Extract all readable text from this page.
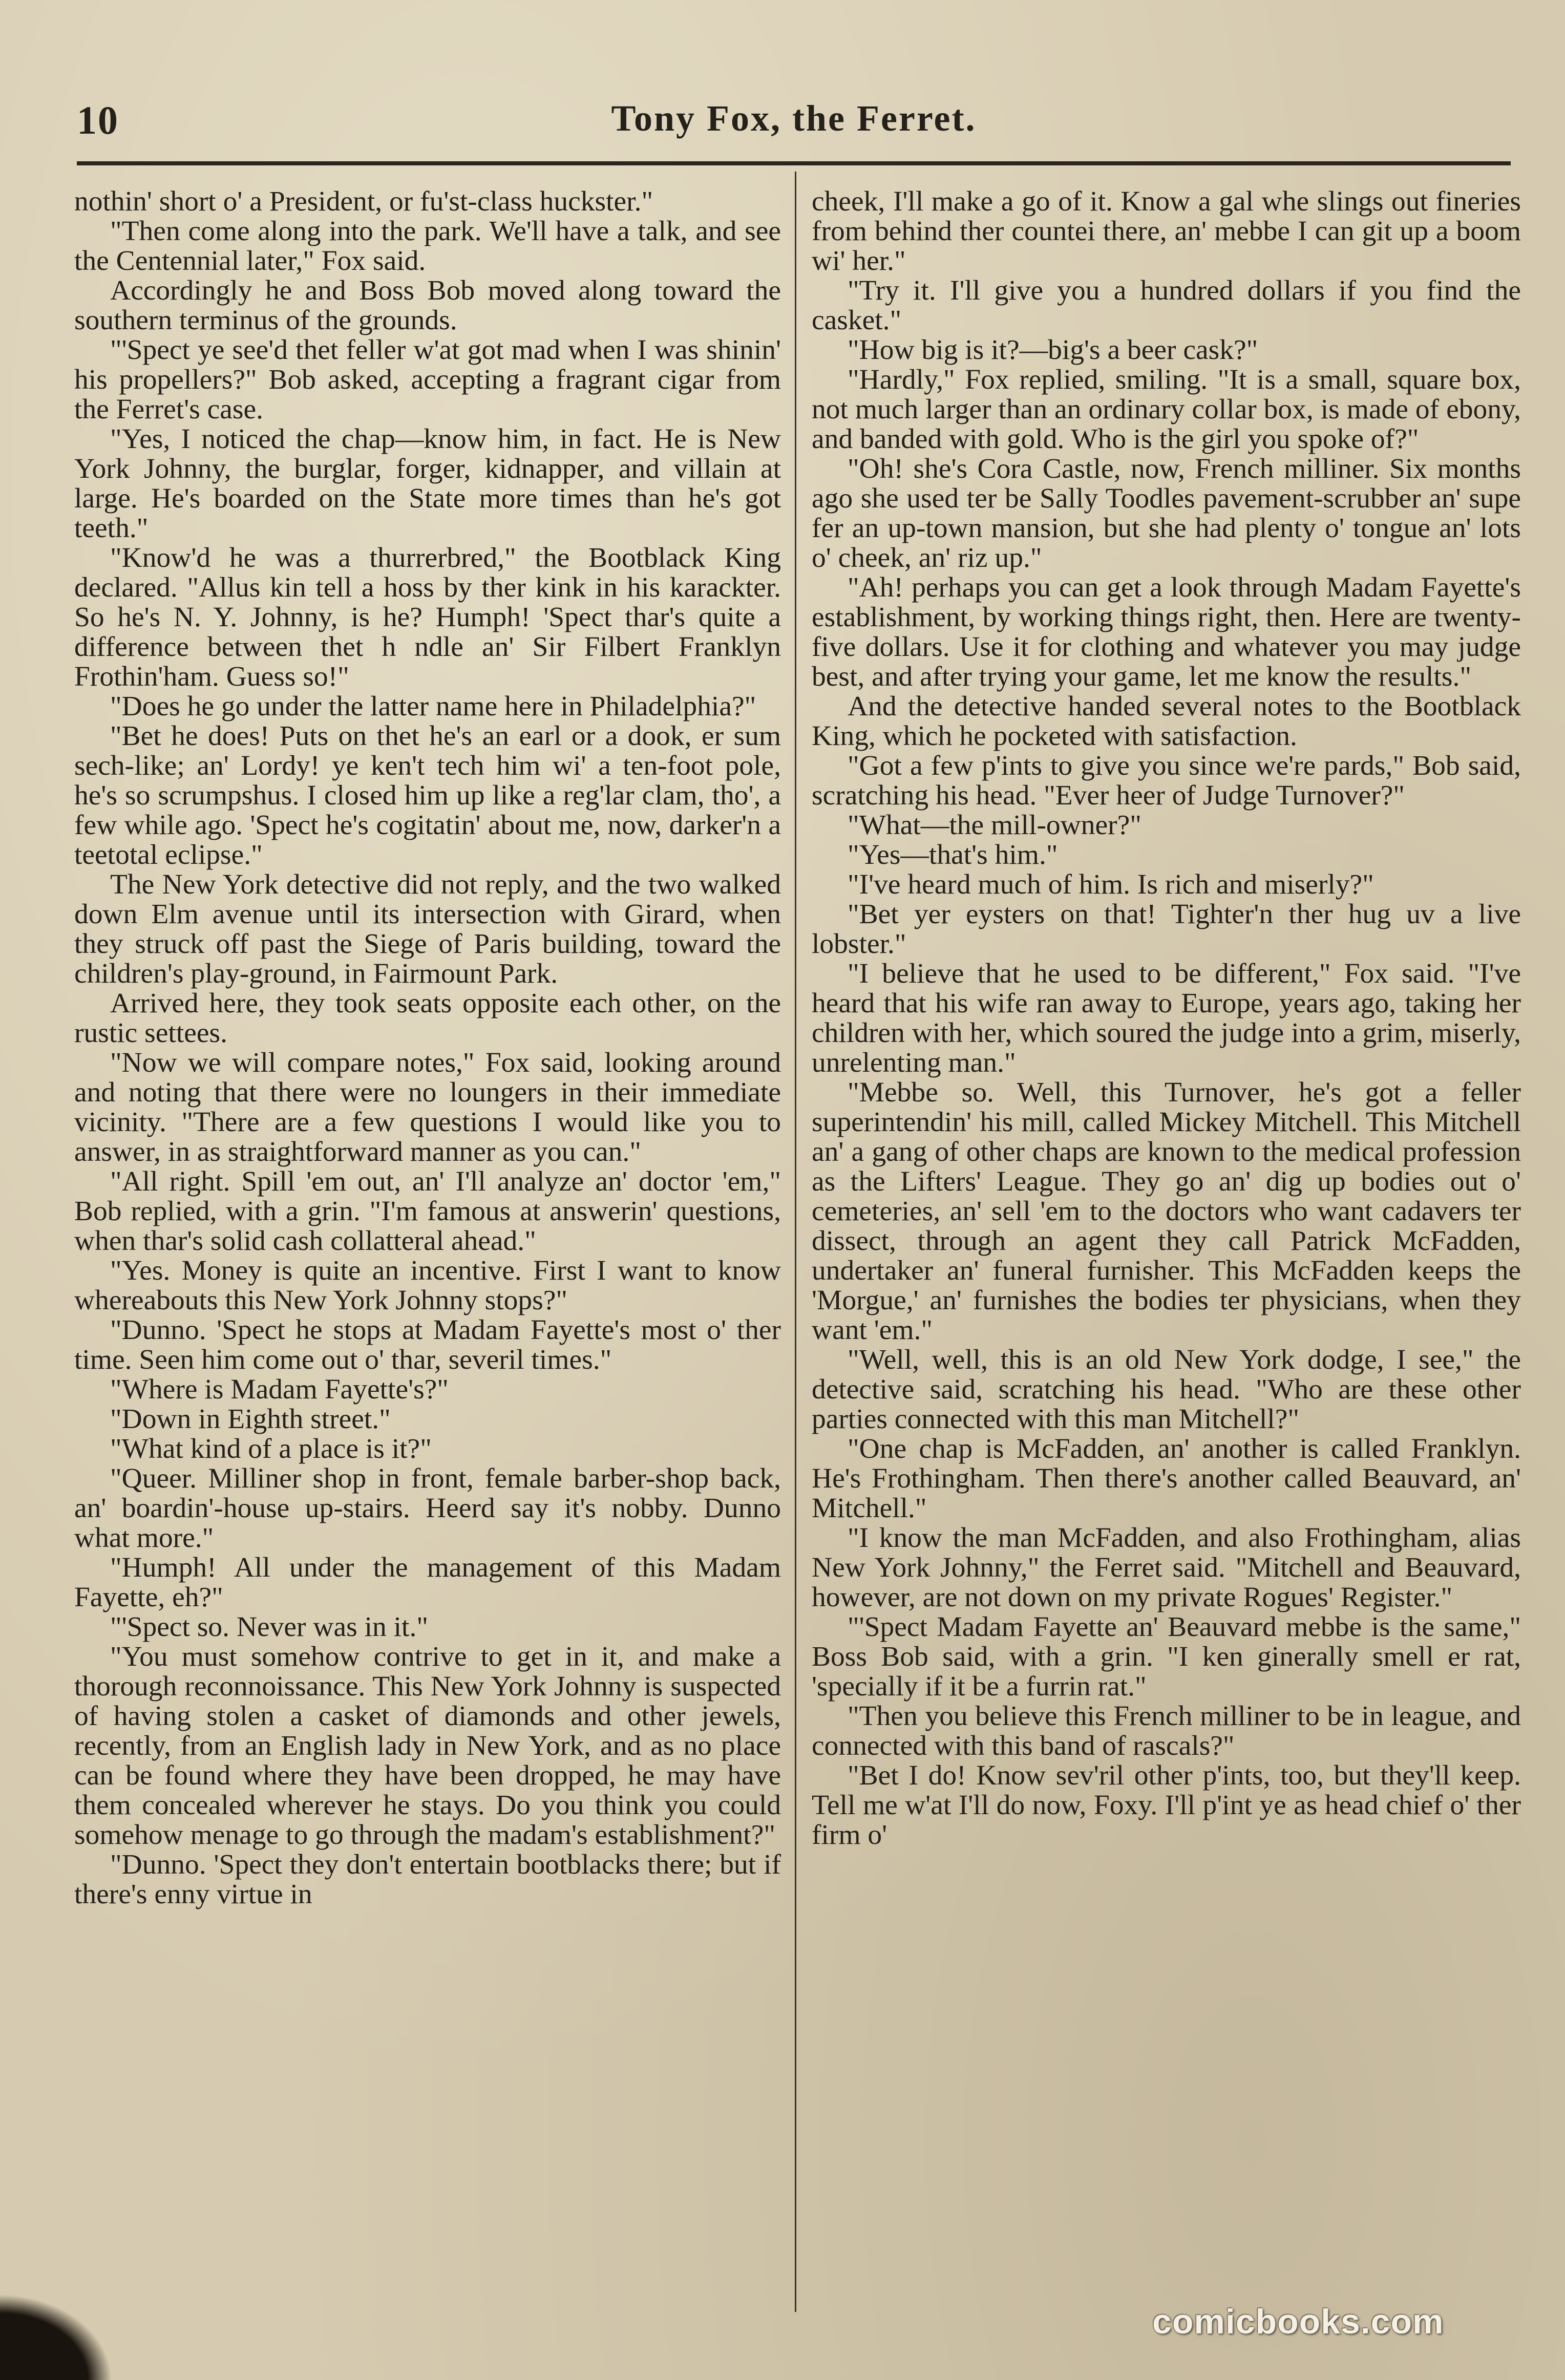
10	Tony Fox, the Ferret.

nothin' short o' a President, or fu'st-class huckster."

"Then come along into the park. We'll have a talk, and see the Centennial later," Fox said.

Accordingly he and Boss Bob moved along toward the southern terminus of the grounds.

"'Spect ye see'd thet feller w'at got mad when I was shinin' his propellers?" Bob asked, accepting a fragrant cigar from the Ferret's case.

"Yes, I noticed the chap—know him, in fact. He is New York Johnny, the burglar, forger, kidnapper, and villain at large. He's boarded on the State more times than he's got teeth."

"Know'd he was a thurrerbred," the Bootblack King declared. "Allus kin tell a hoss by ther kink in his karackter. So he's N. Y. Johnny, is he? Humph! 'Spect thar's quite a difference between thet h ndle an' Sir Filbert Franklyn Frothin'ham. Guess so!"

"Does he go under the latter name here in Philadelphia?"

"Bet he does! Puts on thet he's an earl or a dook, er sum sech-like; an' Lordy! ye ken't tech him wi' a ten-foot pole, he's so scrumpshus. I closed him up like a reg'lar clam, tho', a few while ago. 'Spect he's cogitatin' about me, now, darker'n a teetotal eclipse."

The New York detective did not reply, and the two walked down Elm avenue until its intersection with Girard, when they struck off past the Siege of Paris building, toward the children's play-ground, in Fairmount Park.

Arrived here, they took seats opposite each other, on the rustic settees.

"Now we will compare notes," Fox said, looking around and noting that there were no loungers in their immediate vicinity. "There are a few questions I would like you to answer, in as straightforward manner as you can."

"All right. Spill 'em out, an' I'll analyze an' doctor 'em," Bob replied, with a grin. "I'm famous at answerin' questions, when thar's solid cash collatteral ahead."

"Yes. Money is quite an incentive. First I want to know whereabouts this New York Johnny stops?"

"Dunno. 'Spect he stops at Madam Fayette's most o' ther time. Seen him come out o' thar, severil times."

"Where is Madam Fayette's?"

"Down in Eighth street."

"What kind of a place is it?"

"Queer. Milliner shop in front, female barber-shop back, an' boardin'-house up-stairs. Heerd say it's nobby. Dunno what more."

"Humph! All under the management of this Madam Fayette, eh?"

"'Spect so. Never was in it."

"You must somehow contrive to get in it, and make a thorough reconnoissance. This New York Johnny is suspected of having stolen a casket of diamonds and other jewels, recently, from an English lady in New York, and as no place can be found where they have been dropped, he may have them concealed wherever he stays. Do you think you could somehow menage to go through the madam's establishment?"

"Dunno. 'Spect they don't entertain bootblacks there; but if there's enny virtue in

cheek, I'll make a go of it. Know a gal whe slings out fineries from behind ther countei there, an' mebbe I can git up a boom wi' her."

"Try it. I'll give you a hundred dollars if you find the casket."

"How big is it?—big's a beer cask?"

"Hardly," Fox replied, smiling. "It is a small, square box, not much larger than an ordinary collar box, is made of ebony, and banded with gold. Who is the girl you spoke of?"

"Oh! she's Cora Castle, now, French milliner. Six months ago she used ter be Sally Toodles pavement-scrubber an' supe fer an up-town mansion, but she had plenty o' tongue an' lots o' cheek, an' riz up."

"Ah! perhaps you can get a look through Madam Fayette's establishment, by working things right, then. Here are twenty-five dollars. Use it for clothing and whatever you may judge best, and after trying your game, let me know the results."

And the detective handed several notes to the Bootblack King, which he pocketed with satisfaction.

"Got a few p'ints to give you since we're pards," Bob said, scratching his head. "Ever heer of Judge Turnover?"

"What—the mill-owner?"

"Yes—that's him."

"I've heard much of him. Is rich and miserly?"

"Bet yer eysters on that! Tighter'n ther hug uv a live lobster."

"I believe that he used to be different," Fox said. "I've heard that his wife ran away to Europe, years ago, taking her children with her, which soured the judge into a grim, miserly, unrelenting man."

"Mebbe so. Well, this Turnover, he's got a feller superintendin' his mill, called Mickey Mitchell. This Mitchell an' a gang of other chaps are known to the medical profession as the Lifters' League. They go an' dig up bodies out o' cemeteries, an' sell 'em to the doctors who want cadavers ter dissect, through an agent they call Patrick McFadden, undertaker an' funeral furnisher. This McFadden keeps the 'Morgue,' an' furnishes the bodies ter physicians, when they want 'em."

"Well, well, this is an old New York dodge, I see," the detective said, scratching his head. "Who are these other parties connected with this man Mitchell?"

"One chap is McFadden, an' another is called Franklyn. He's Frothingham. Then there's another called Beauvard, an' Mitchell."

"I know the man McFadden, and also Frothingham, alias New York Johnny," the Ferret said. "Mitchell and Beauvard, however, are not down on my private Rogues' Register."

"'Spect Madam Fayette an' Beauvard mebbe is the same," Boss Bob said, with a grin. "I ken ginerally smell er rat, 'specially if it be a furrin rat."

"Then you believe this French milliner to be in league, and connected with this band of rascals?"

"Bet I do! Know sev'ril other p'ints, too, but they'll keep. Tell me w'at I'll do now, Foxy. I'll p'int ye as head chief o' ther firm o'

comicbooks.com
